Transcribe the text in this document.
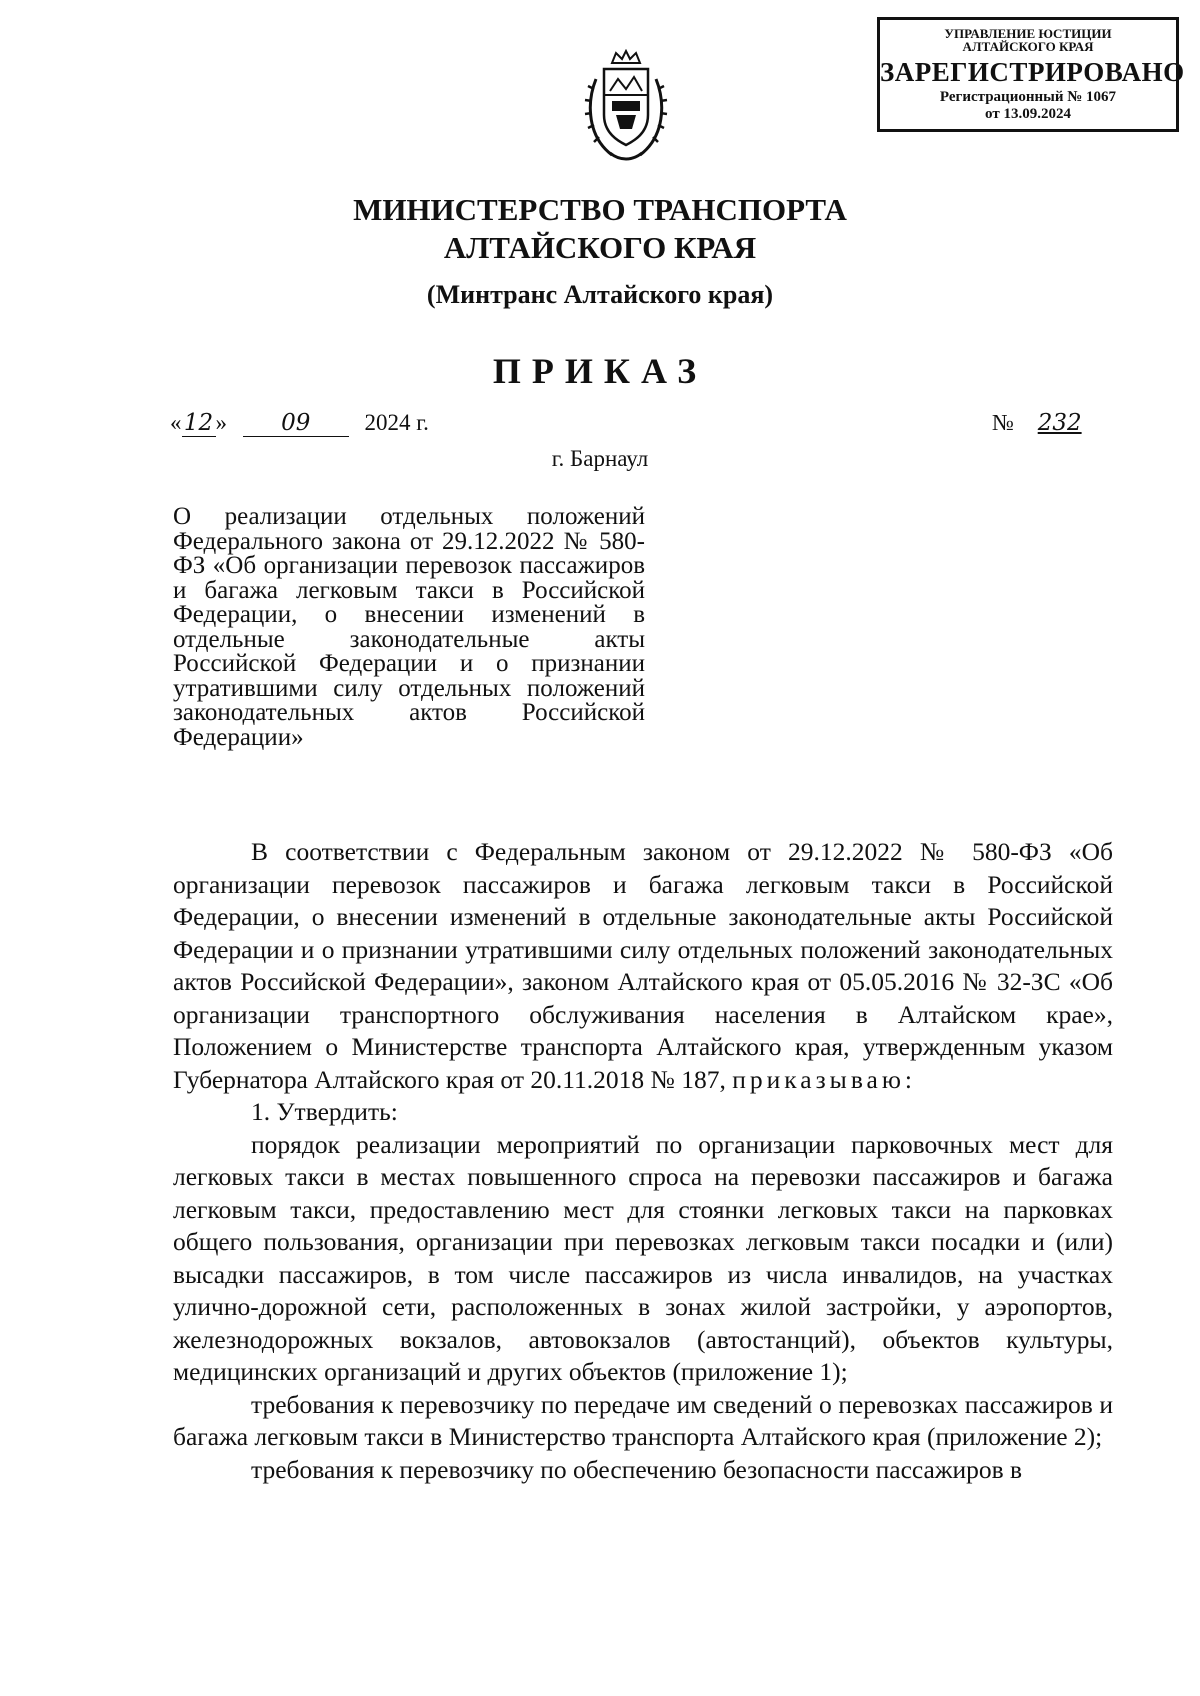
УПРАВЛЕНИЕ ЮСТИЦИИ
АЛТАЙСКОГО КРАЯ
ЗАРЕГИСТРИРОВАНО
Регистрационный № 1067
от 13.09.2024
МИНИСТЕРСТВО ТРАНСПОРТА
АЛТАЙСКОГО КРАЯ
(Минтранс Алтайского края)
ПРИКАЗ
« 12 » 09 2024 г.	№ 232
г. Барнаул
О реализации отдельных положений Федерального закона от 29.12.2022 № 580-ФЗ «Об организации перевозок пассажиров и багажа легковым такси в Российской Федерации, о внесении изменений в отдельные законодательные акты Российской Федерации и о признании утратившими силу отдельных положений законодательных актов Российской Федерации»

В соответствии с Федеральным законом от 29.12.2022 № 580-ФЗ «Об организации перевозок пассажиров и багажа легковым такси в Российской Федерации, о внесении изменений в отдельные законодательные акты Российской Федерации и о признании утратившими силу отдельных положений законодательных актов Российской Федерации», законом Алтайского края от 05.05.2016 № 32-ЗС «Об организации транспортного обслуживания населения в Алтайском крае», Положением о Министерстве транспорта Алтайского края, утвержденным указом Губернатора Алтайского края от 20.11.2018 № 187, приказываю:

1. Утвердить:

порядок реализации мероприятий по организации парковочных мест для легковых такси в местах повышенного спроса на перевозки пассажиров и багажа легковым такси, предоставлению мест для стоянки легковых такси на парковках общего пользования, организации при перевозках легковым такси посадки и (или) высадки пассажиров, в том числе пассажиров из числа инвалидов, на участках улично-дорожной сети, расположенных в зонах жилой застройки, у аэропортов, железнодорожных вокзалов, автовокзалов (автостанций), объектов культуры, медицинских организаций и других объектов (приложение 1);

требования к перевозчику по передаче им сведений о перевозках пассажиров и багажа легковым такси в Министерство транспорта Алтайского края (приложение 2);

требования к перевозчику по обеспечению безопасности пассажиров в
